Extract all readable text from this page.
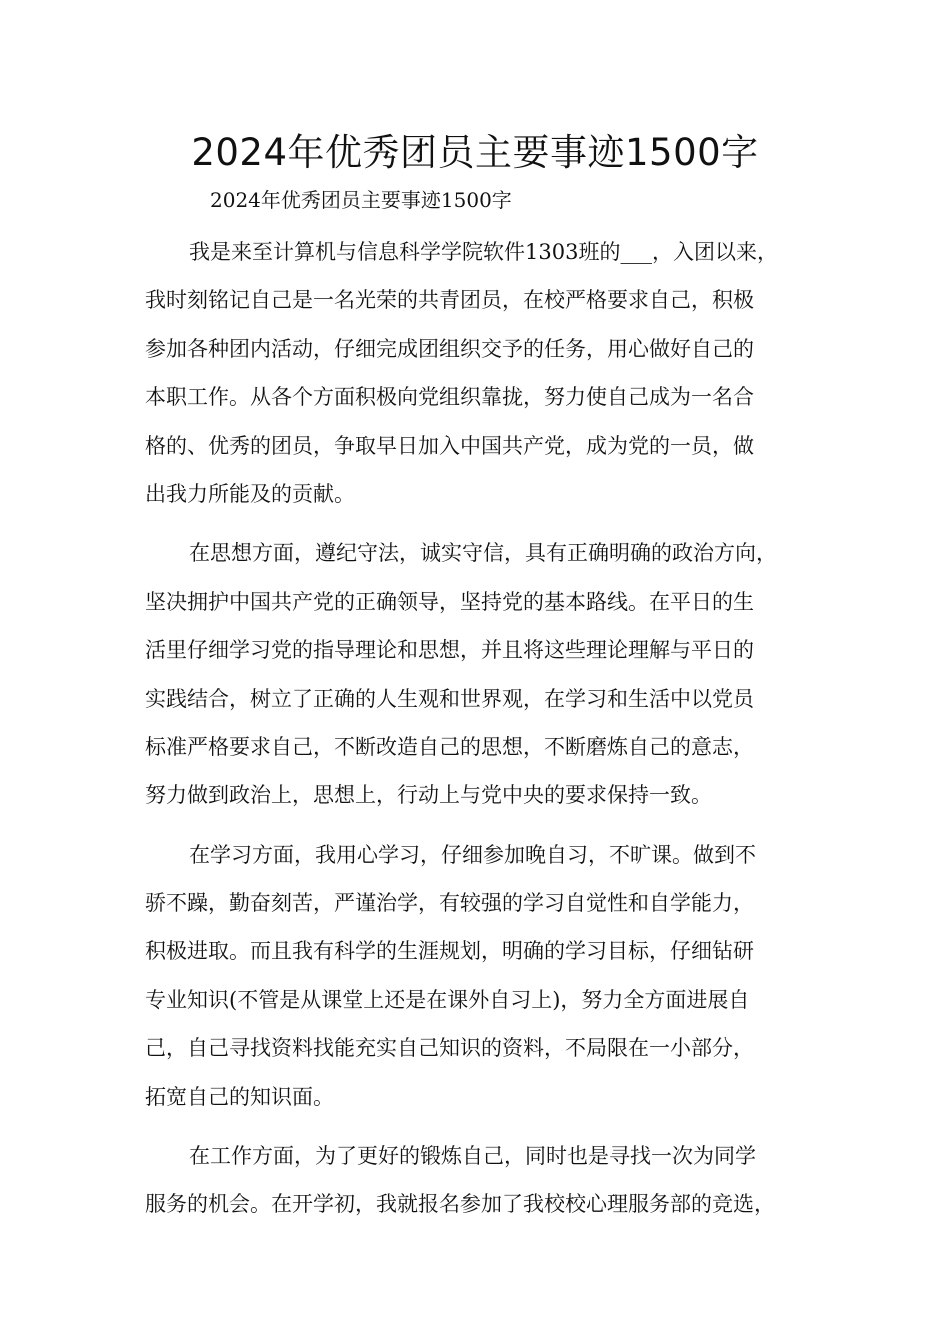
2024年优秀团员主要事迹1500字
2024年优秀团员主要事迹1500字
我是来至计算机与信息科学学院软件1303班的___，入团以来，
我时刻铭记自己是一名光荣的共青团员，在校严格要求自己，积极
参加各种团内活动，仔细完成团组织交予的任务，用心做好自己的
本职工作。从各个方面积极向党组织靠拢，努力使自己成为一名合
格的、优秀的团员，争取早日加入中国共产党，成为党的一员，做
出我力所能及的贡献。
在思想方面，遵纪守法，诚实守信，具有正确明确的政治方向，
坚决拥护中国共产党的正确领导，坚持党的基本路线。在平日的生
活里仔细学习党的指导理论和思想，并且将这些理论理解与平日的
实践结合，树立了正确的人生观和世界观，在学习和生活中以党员
标准严格要求自己，不断改造自己的思想，不断磨炼自己的意志，
努力做到政治上，思想上，行动上与党中央的要求保持一致。
在学习方面，我用心学习，仔细参加晚自习，不旷课。做到不
骄不躁，勤奋刻苦，严谨治学，有较强的学习自觉性和自学能力，
积极进取。而且我有科学的生涯规划，明确的学习目标，仔细钻研
专业知识(不管是从课堂上还是在课外自习上)，努力全方面进展自
己，自己寻找资料找能充实自己知识的资料，不局限在一小部分，
拓宽自己的知识面。
在工作方面，为了更好的锻炼自己，同时也是寻找一次为同学
服务的机会。在开学初，我就报名参加了我校校心理服务部的竞选，
